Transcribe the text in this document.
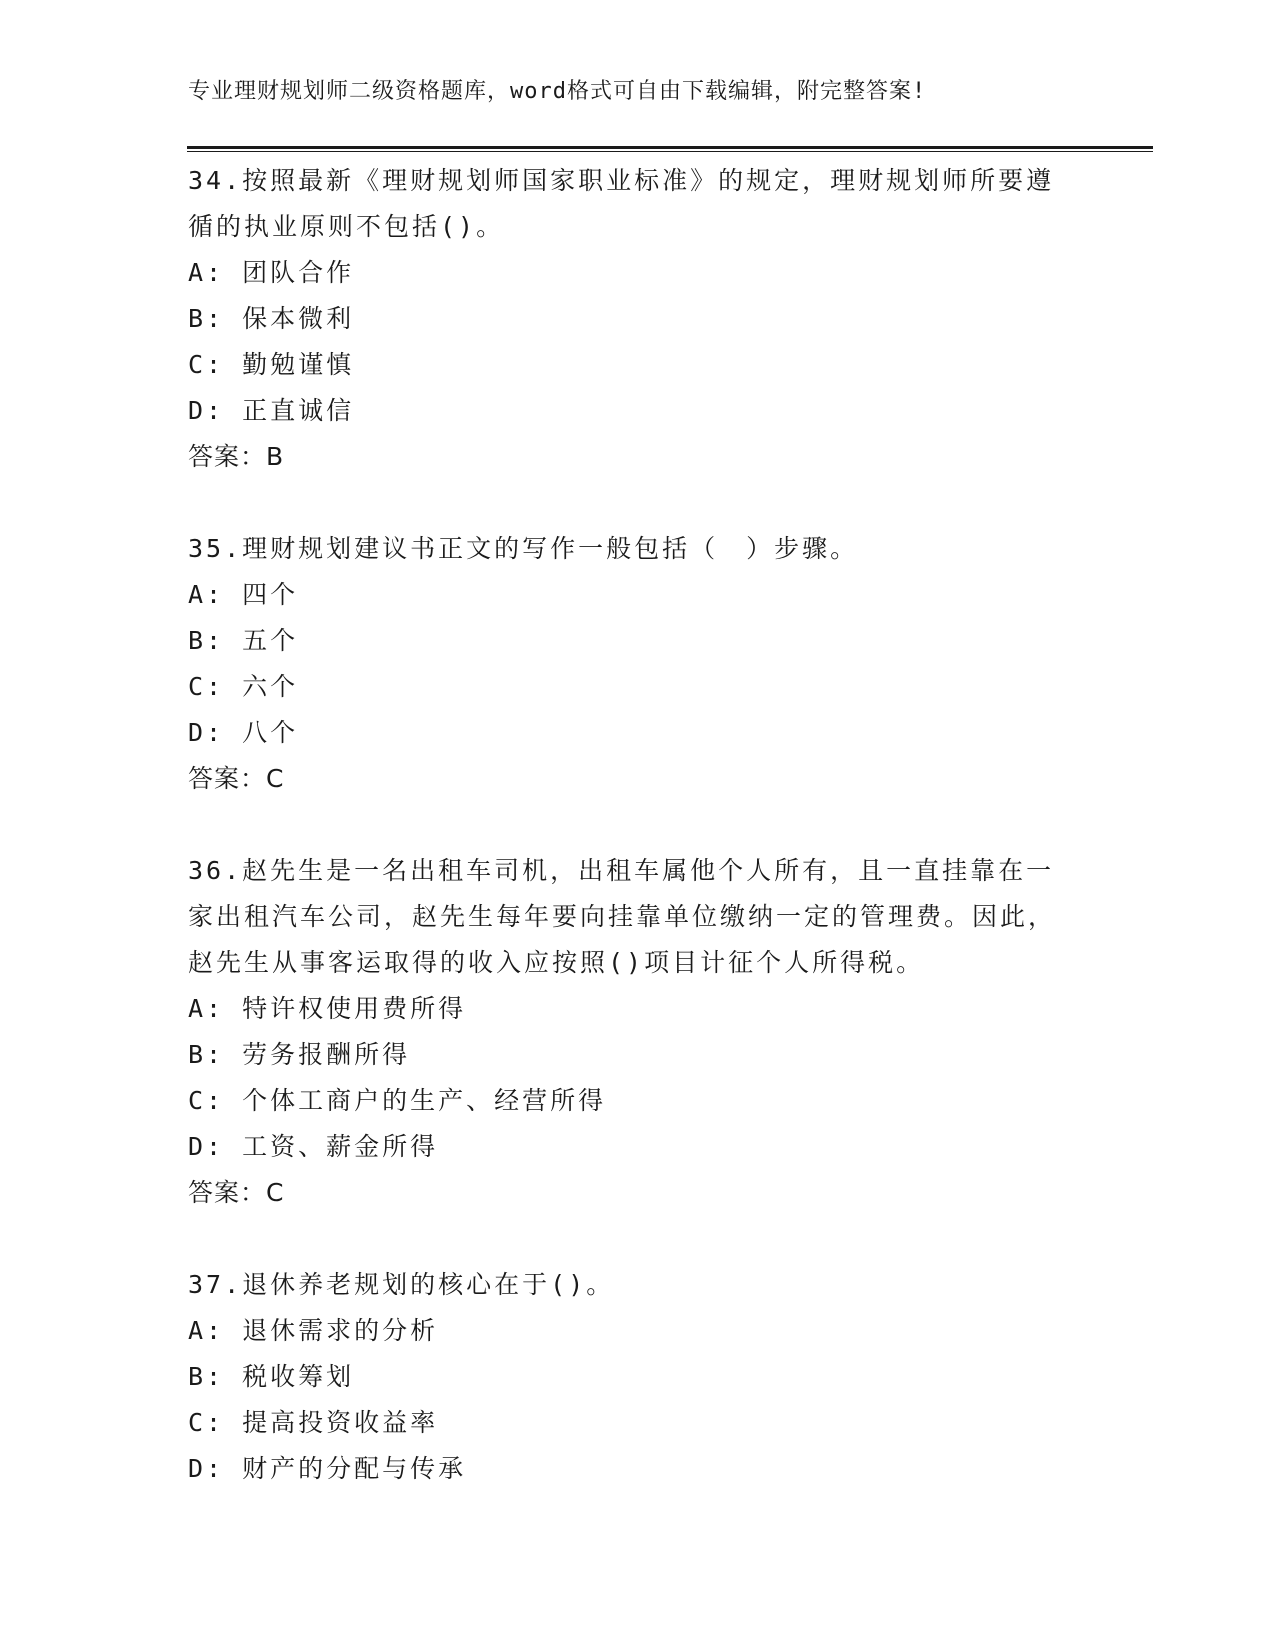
专业理财规划师二级资格题库，word格式可自由下载编辑，附完整答案!
34.按照最新《理财规划师国家职业标准》的规定，理财规划师所要遵循的执业原则不包括()。
A: 团队合作
B: 保本微利
C: 勤勉谨慎
D: 正直诚信
答案：B
35.理财规划建议书正文的写作一般包括（　）步骤。
A: 四个
B: 五个
C: 六个
D: 八个
答案：C
36.赵先生是一名出租车司机，出租车属他个人所有，且一直挂靠在一家出租汽车公司，赵先生每年要向挂靠单位缴纳一定的管理费。因此，赵先生从事客运取得的收入应按照()项目计征个人所得税。
A: 特许权使用费所得
B: 劳务报酬所得
C: 个体工商户的生产、经营所得
D: 工资、薪金所得
答案：C
37.退休养老规划的核心在于()。
A: 退休需求的分析
B: 税收筹划
C: 提高投资收益率
D: 财产的分配与传承
